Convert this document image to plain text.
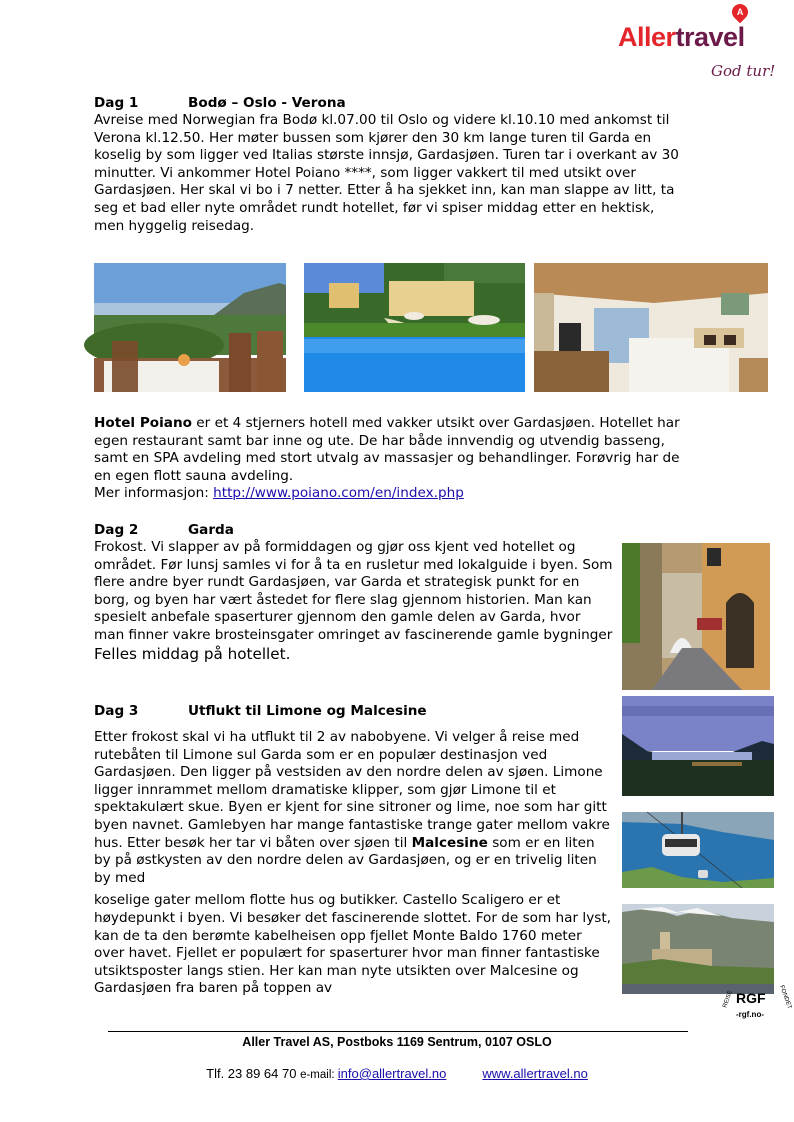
A
Allertravel
God tur!
Dag 1	Bodø – Oslo - Verona

Avreise med Norwegian fra Bodø kl.07.00 til Oslo og videre kl.10.10 med ankomst til Verona kl.12.50. Her møter bussen som kjører den 30 km lange turen til Garda en koselig by som ligger ved Italias største innsjø, Gardasjøen. Turen tar i overkant av 30 minutter. Vi ankommer Hotel Poiano ****, som ligger vakkert til med utsikt over Gardasjøen. Her skal vi bo i 7 netter. Etter å ha sjekket inn, kan man slappe av litt, ta seg et bad eller nyte området rundt hotellet, før vi spiser middag etter en hektisk, men hyggelig reisedag.

Hotel Poiano er et 4 stjerners hotell med vakker utsikt over Gardasjøen. Hotellet har egen restaurant samt bar inne og ute. De har både innvendig og utvendig basseng, samt en SPA avdeling med stort utvalg av massasjer og behandlinger. Forøvrig har de en egen flott sauna avdeling.

Mer informasjon: http://www.poiano.com/en/index.php

Dag 2	Garda

Frokost. Vi slapper av på formiddagen og gjør oss kjent ved hotellet og området. Før lunsj samles vi for å ta en rusletur med lokalguide i byen. Som flere andre byer rundt Gardasjøen, var Garda et strategisk punkt for en borg, og byen har vært åstedet for flere slag gjennom historien. Man kan spesielt anbefale spaserturer gjennom den gamle delen av Garda, hvor man finner vakre brosteinsgater omringet av fascinerende gamle bygninger

Felles middag på hotellet.

Dag 3	Utflukt til Limone og Malcesine

Etter frokost skal vi ha utflukt til 2 av nabobyene. Vi velger å reise med rutebåten til Limone sul Garda som er en populær destinasjon ved Gardasjøen. Den ligger på vestsiden av den nordre delen av sjøen. Limone ligger innrammet mellom dramatiske klipper, som gjør Limone til et spektakulært skue. Byen er kjent for sine sitroner og lime, noe som har gitt byen navnet. Gamlebyen har mange fantastiske trange gater mellom vakre hus. Etter besøk her tar vi båten over sjøen til Malcesine som er en liten by på østkysten av den nordre delen av Gardasjøen, og er en trivelig liten by med

koselige gater mellom flotte hus og butikker. Castello Scaligero er et høydepunkt i byen. Vi besøker det fascinerende slottet. For de som har lyst, kan de ta den berømte kabelheisen opp fjellet Monte Baldo 1760 meter over havet. Fjellet er populært for spaserturer hvor man finner fantastiske utsiktsposter langs stien. Her kan man nyte utsikten over Malcesine og Gardasjøen fra baren på toppen av

RGF
-rgf.no-
REISE	FONDET
Aller Travel AS, Postboks 1169 Sentrum, 0107 OSLO
Tlf. 23 89 64 70 e-mail: info@allertravel.no	www.allertravel.no
